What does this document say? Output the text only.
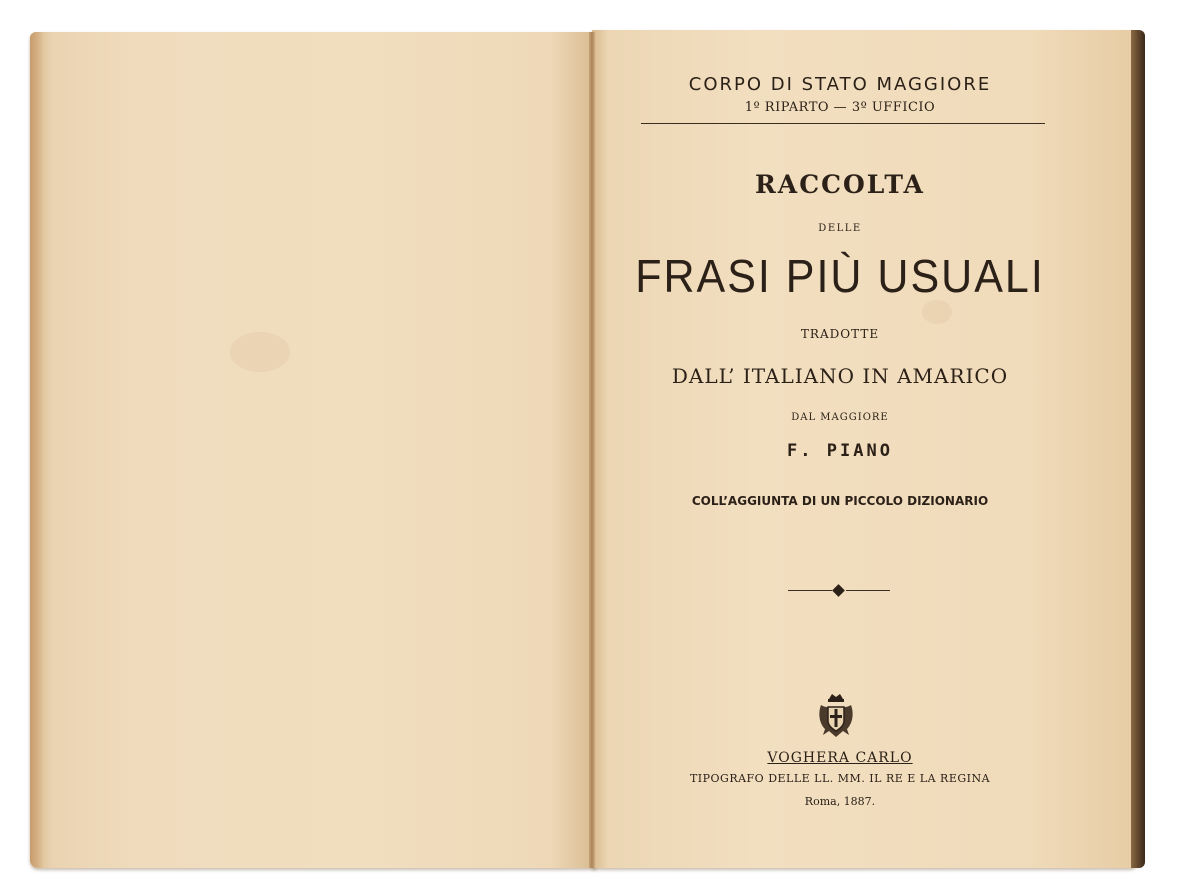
CORPO DI STATO MAGGIORE
1º RIPARTO — 3º UFFICIO
RACCOLTA
DELLE
FRASI PIÙ USUALI
TRADOTTE
DALL’ ITALIANO IN AMARICO
DAL MAGGIORE
F. PIANO
COLL’AGGIUNTA DI UN PICCOLO DIZIONARIO
VOGHERA CARLO
TIPOGRAFO DELLE LL. MM. IL RE E LA REGINA
Roma, 1887.
